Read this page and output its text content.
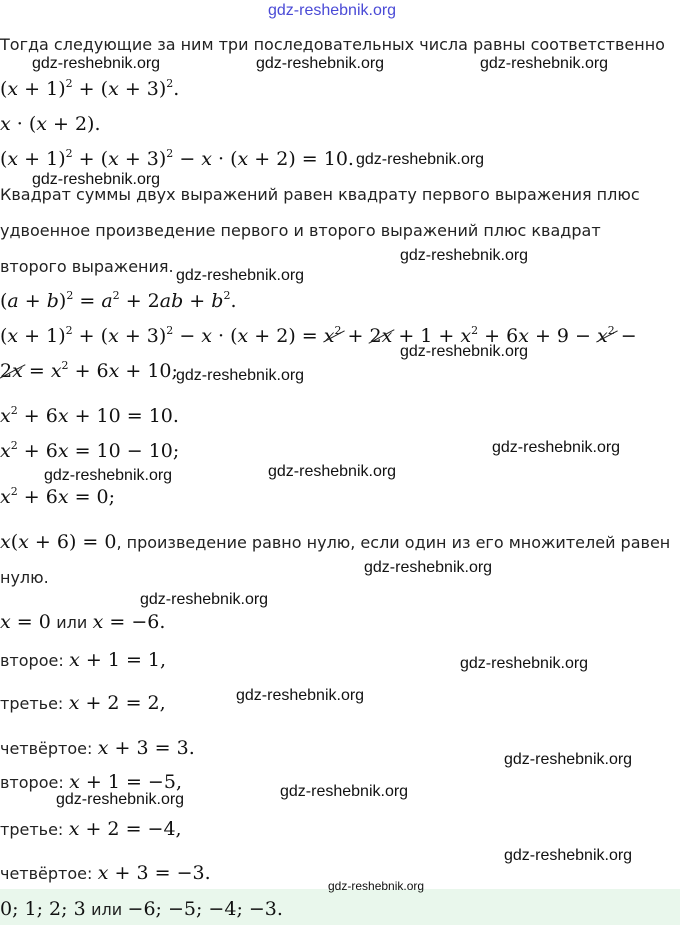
gdz-reshebnik.org
gdz-reshebnik.org	gdz-reshebnik.org	gdz-reshebnik.org
gdz-reshebnik.org
gdz-reshebnik.org
gdz-reshebnik.org
gdz-reshebnik.org
gdz-reshebnik.org
gdz-reshebnik.org
gdz-reshebnik.org
gdz-reshebnik.org	gdz-reshebnik.org
gdz-reshebnik.org
gdz-reshebnik.org
gdz-reshebnik.org
gdz-reshebnik.org
gdz-reshebnik.org
gdz-reshebnik.org
gdz-reshebnik.org
gdz-reshebnik.org
gdz-reshebnik.org
Тогда следующие за ним три последовательных числа равны соответственно
$(x + 1)^2 + (x + 3)^2$.
x · (x + 2).
$(x + 1)^2 + (x + 3)^2 - x \cdot (x + 2) = 10$.
Квадрат суммы двух выражений равен квадрату первого выражения плюс
удвоенное произведение первого и второго выражений плюс квадрат
второго выражения.
$(a + b)^2 = a^2 + 2ab + b^2$.
$(x + 1)^2 + (x + 3)^2 - x \cdot (x + 2) = x^2 + 2x + 1 + x^2 + 6x + 9 - x^2$ −
$2x = x^2 + 6x + 10$;
$x^2 + 6x + 10 = 10$.
$x^2 + 6x = 10 - 10$;
$x^2 + 6x = 0$;
x(x + 6) = 0, произведение равно нулю, если один из его множителей равен
нулю.
x = 0 или x = −6.
второе: x + 1 = 1,
третье: x + 2 = 2,
четвёртое: x + 3 = 3.
второе: x + 1 = −5,
третье: x + 2 = −4,
четвёртое: x + 3 = −3.
0; 1; 2; 3 или −6; −5; −4; −3.
